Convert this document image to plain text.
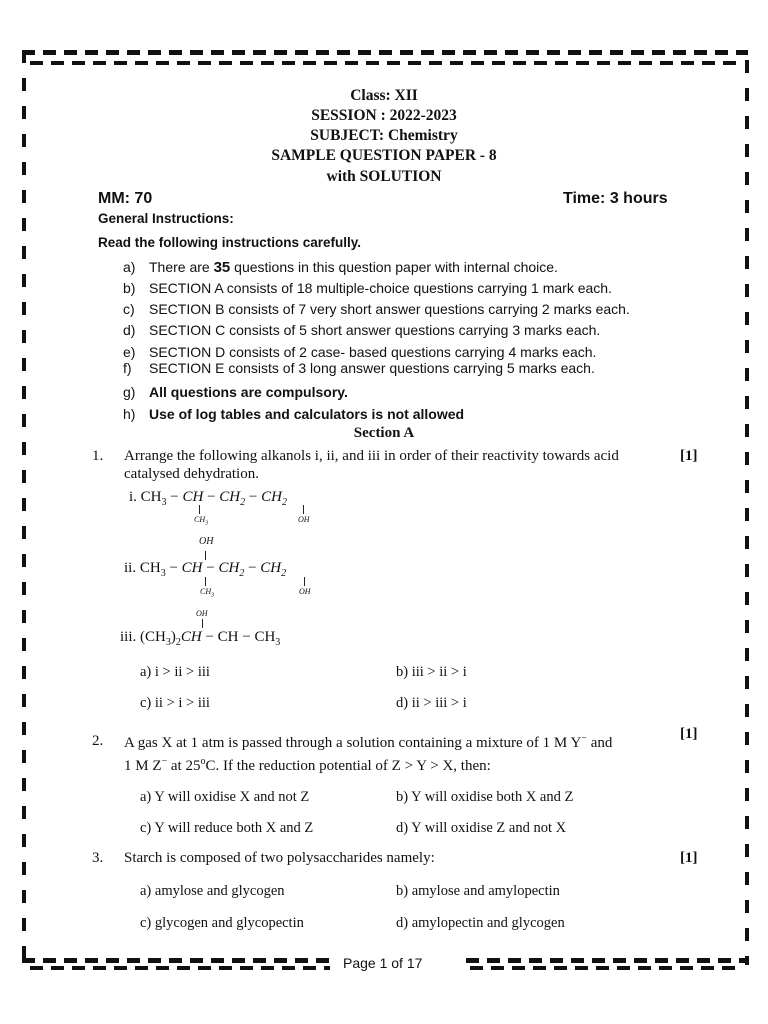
Class: XII
SESSION : 2022-2023
SUBJECT: Chemistry
SAMPLE QUESTION PAPER - 8
with SOLUTION
MM: 70	Time: 3 hours
General Instructions:
Read the following instructions carefully.
a) There are 35 questions in this question paper with internal choice.
b) SECTION A consists of 18 multiple-choice questions carrying 1 mark each.
c) SECTION B consists of 7 very short answer questions carrying 2 marks each.
d) SECTION C consists of 5 short answer questions carrying 3 marks each.
e) SECTION D consists of 2 case- based questions carrying 4 marks each.
f) SECTION E consists of 3 long answer questions carrying 5 marks each.
g) All questions are compulsory.
h) Use of log tables and calculators is not allowed
Section A
1. Arrange the following alkanols i, ii, and iii in order of their reactivity towards acid
catalysed dehydration.
[1]
i. $CH_3$ − CH − $CH_2 - CH_2$
$CH_3$	OH
OH
ii. $CH_3$ − CH − $CH_2 - CH_2$
$CH_3$	OH
OH
iii. $(CH_3)_2CH$ − CH − $CH_3$
a) i > ii > iii	b) iii > ii > i
c) ii > i > iii	d) ii > iii > i
2. A gas X at 1 atm is passed through a solution containing a mixture of 1 M Y− and
1 M Z− at 25$^o$C. If the reduction potential of Z > Y > X, then:
[1]
a) Y will oxidise X and not Z	b) Y will oxidise both X and Z
c) Y will reduce both X and Z	d) Y will oxidise Z and not X
3. Starch is composed of two polysaccharides namely:	[1]
a) amylose and glycogen	b) amylose and amylopectin
c) glycogen and glycopectin	d) amylopectin and glycogen
Page 1 of 17
